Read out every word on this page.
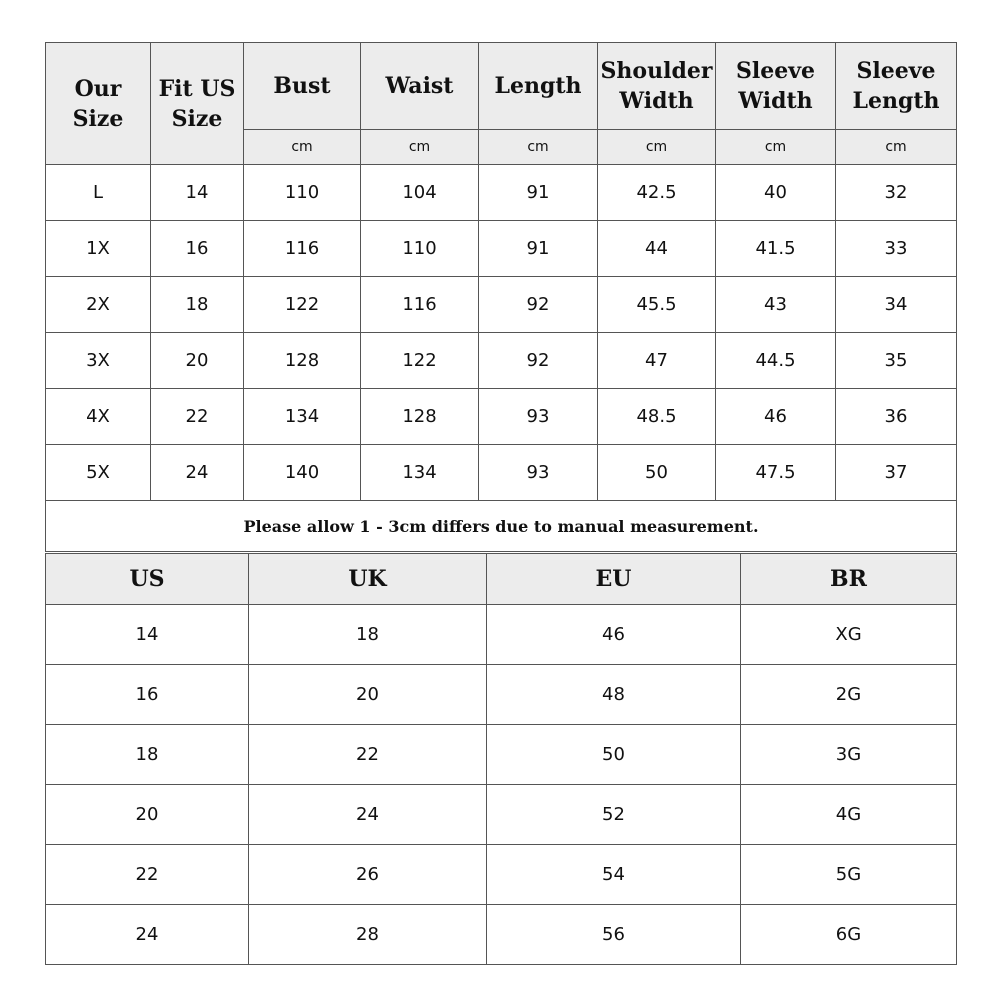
Our Size	Fit US Size	Bust	Waist	Length	Shoulder Width	Sleeve Width	Sleeve Length
		cm	cm	cm	cm	cm	cm
L	14	110	104	91	42.5	40	32
1X	16	116	110	91	44	41.5	33
2X	18	122	116	92	45.5	43	34
3X	20	128	122	92	47	44.5	35
4X	22	134	128	93	48.5	46	36
5X	24	140	134	93	50	47.5	37
Please allow 1 - 3cm differs due to manual measurement.							
US	UK	EU	BR
14	18	46	XG
16	20	48	2G
18	22	50	3G
20	24	52	4G
22	26	54	5G
24	28	56	6G
